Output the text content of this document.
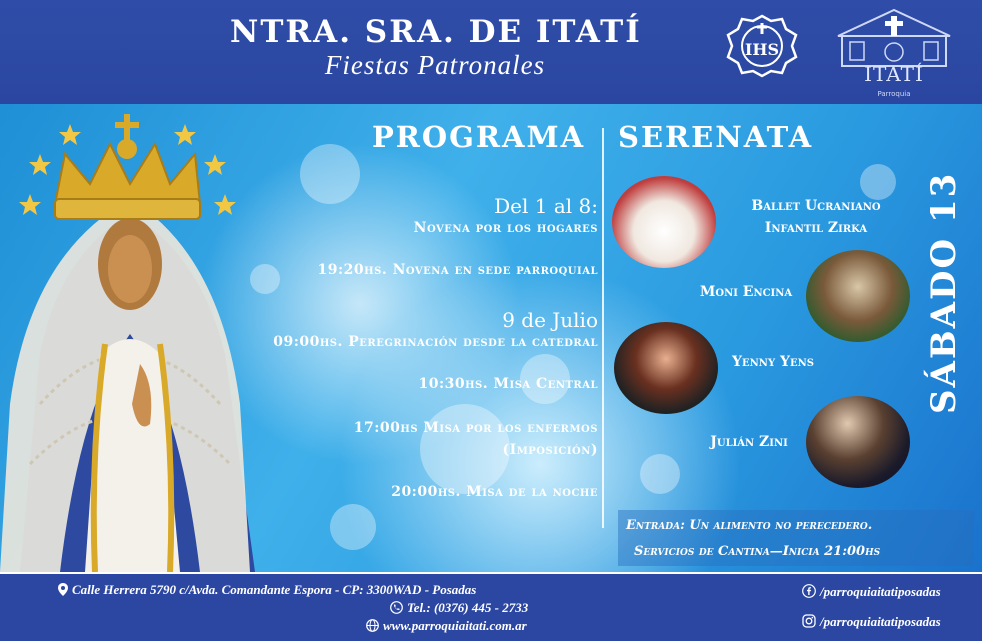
NTRA. SRA. DE ITATÍ
Fiestas Patronales
IHS
Parroquia
ITATÍ
PROGRAMA
Del 1 al 8:
Novena por los hogares
19:20hs. Novena en sede parroquial
9 de Julio
09:00hs. Peregrinación desde la catedral
10:30hs. Misa Central
17:00hs Misa por los enfermos
(Imposición)
20:00hs. Misa de la noche
SERENATA
Ballet Ucraniano
Infantil Zirka
Moni Encina
Yenny Yens
Julián Zini
SÁBADO 13
Entrada: Un alimento no perecedero.
Servicios de Cantina—Inicia 21:00hs
Calle Herrera 5790 c/Avda. Comandante Espora - CP: 3300WAD - Posadas
Tel.: (0376) 445 - 2733
www.parroquiaitati.com.ar
/parroquiaitatiposadas
/parroquiaitatiposadas
